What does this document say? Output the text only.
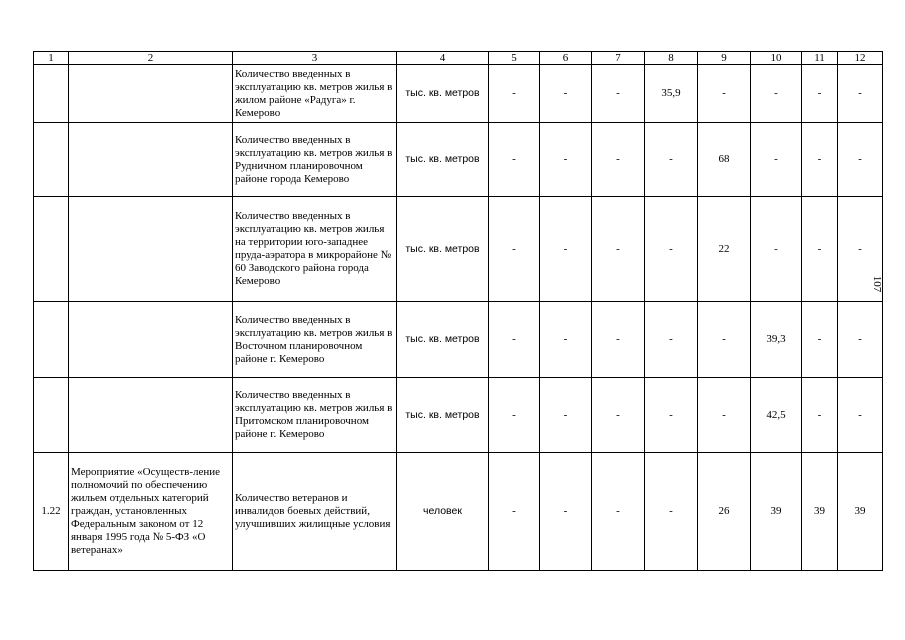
107
1	2	3	4	5	6	7	8	9	10	11	12
		Количество введенных в эксплуатацию кв. метров жилья в жилом районе «Радуга» г. Кемерово	тыс. кв. метров	-	-	-	35,9	-	-	-	-
		Количество введенных в эксплуатацию кв. метров жилья в Рудничном планировочном районе города Кемерово	тыс. кв. метров	-	-	-	-	68	-	-	-
		Количество введенных в эксплуатацию кв. метров жилья на территории юго-западнее пруда-аэратора в микрорайоне № 60 Заводского района города Кемерово	тыс. кв. метров	-	-	-	-	22	-	-	-
		Количество введенных в эксплуатацию кв. метров жилья в Восточном планировочном районе г. Кемерово	тыс. кв. метров	-	-	-	-	-	39,3	-	-
		Количество введенных в эксплуатацию кв. метров жилья в Притомском планировочном районе г. Кемерово	тыс. кв. метров	-	-	-	-	-	42,5	-	-
1.22	Мероприятие «Осуществ-ление полномочий по обеспечению жильем отдельных категорий граждан, установленных Федеральным законом от 12 января 1995 года № 5-ФЗ «О ветеранах»	Количество ветеранов и инвалидов боевых действий, улучшивших жилищные условия	человек	-	-	-	-	26	39	39	39
